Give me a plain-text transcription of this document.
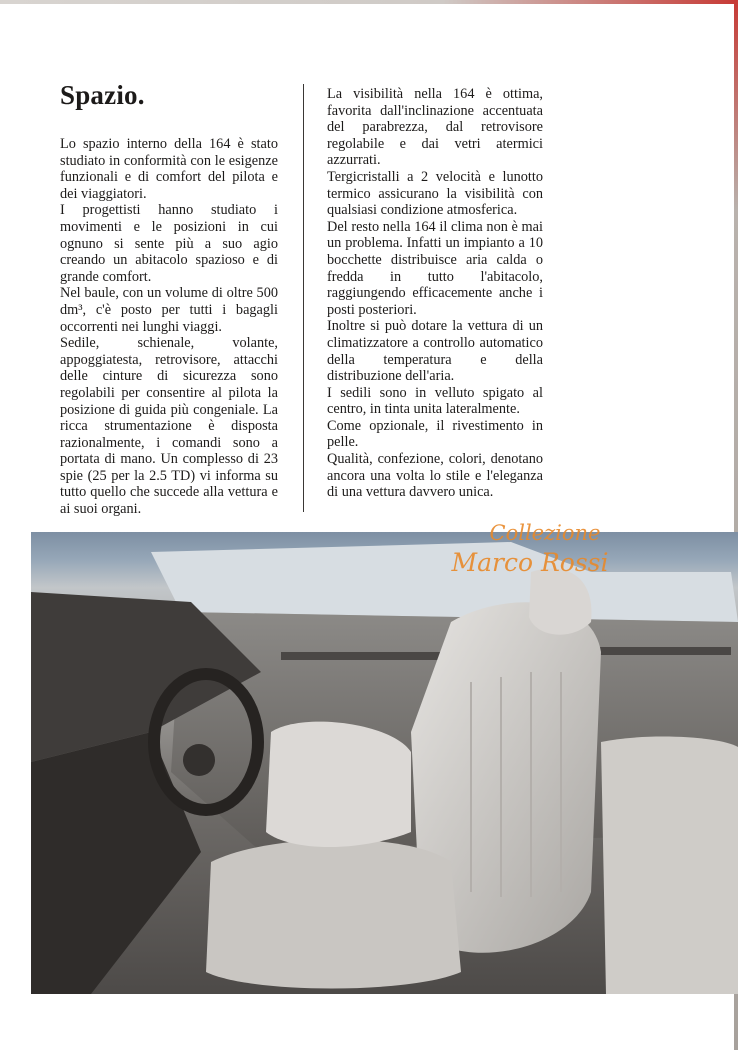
Spazio.

Lo spazio interno della 164 è stato studiato in conformità con le esigenze funzionali e di comfort del pilota e dei viaggiatori.

I progettisti hanno studiato i movimenti e le posizioni in cui ognuno si sente più a suo agio creando un abitacolo spazioso e di grande comfort.

Nel baule, con un volume di oltre 500 dm³, c'è posto per tutti i bagagli occorrenti nei lunghi viaggi.

Sedile, schienale, volante, appoggiatesta, retrovisore, attacchi delle cinture di sicurezza sono regolabili per consentire al pilota la posizione di guida più congeniale. La ricca strumentazione è disposta razionalmente, i comandi sono a portata di mano. Un complesso di 23 spie (25 per la 2.5 TD) vi informa su tutto quello che succede alla vettura e ai suoi organi.

La visibilità nella 164 è ottima, favorita dall'inclinazione accentuata del parabrezza, dal retrovisore regolabile e dai vetri atermici azzurrati.

Tergicristalli a 2 velocità e lunotto termico assicurano la visibilità con qualsiasi condizione atmosferica.

Del resto nella 164 il clima non è mai un problema. Infatti un impianto a 10 bocchette distribuisce aria calda o fredda in tutto l'abitacolo, raggiungendo efficacemente anche i posti posteriori.

Inoltre si può dotare la vettura di un climatizzatore a controllo automatico della temperatura e della distribuzione dell'aria.

I sedili sono in velluto spigato al centro, in tinta unita lateralmente.

Come opzionale, il rivestimento in pelle.

Qualità, confezione, colori, denotano ancora una volta lo stile e l'eleganza di una vettura davvero unica.

Collezione
Marco Rossi
